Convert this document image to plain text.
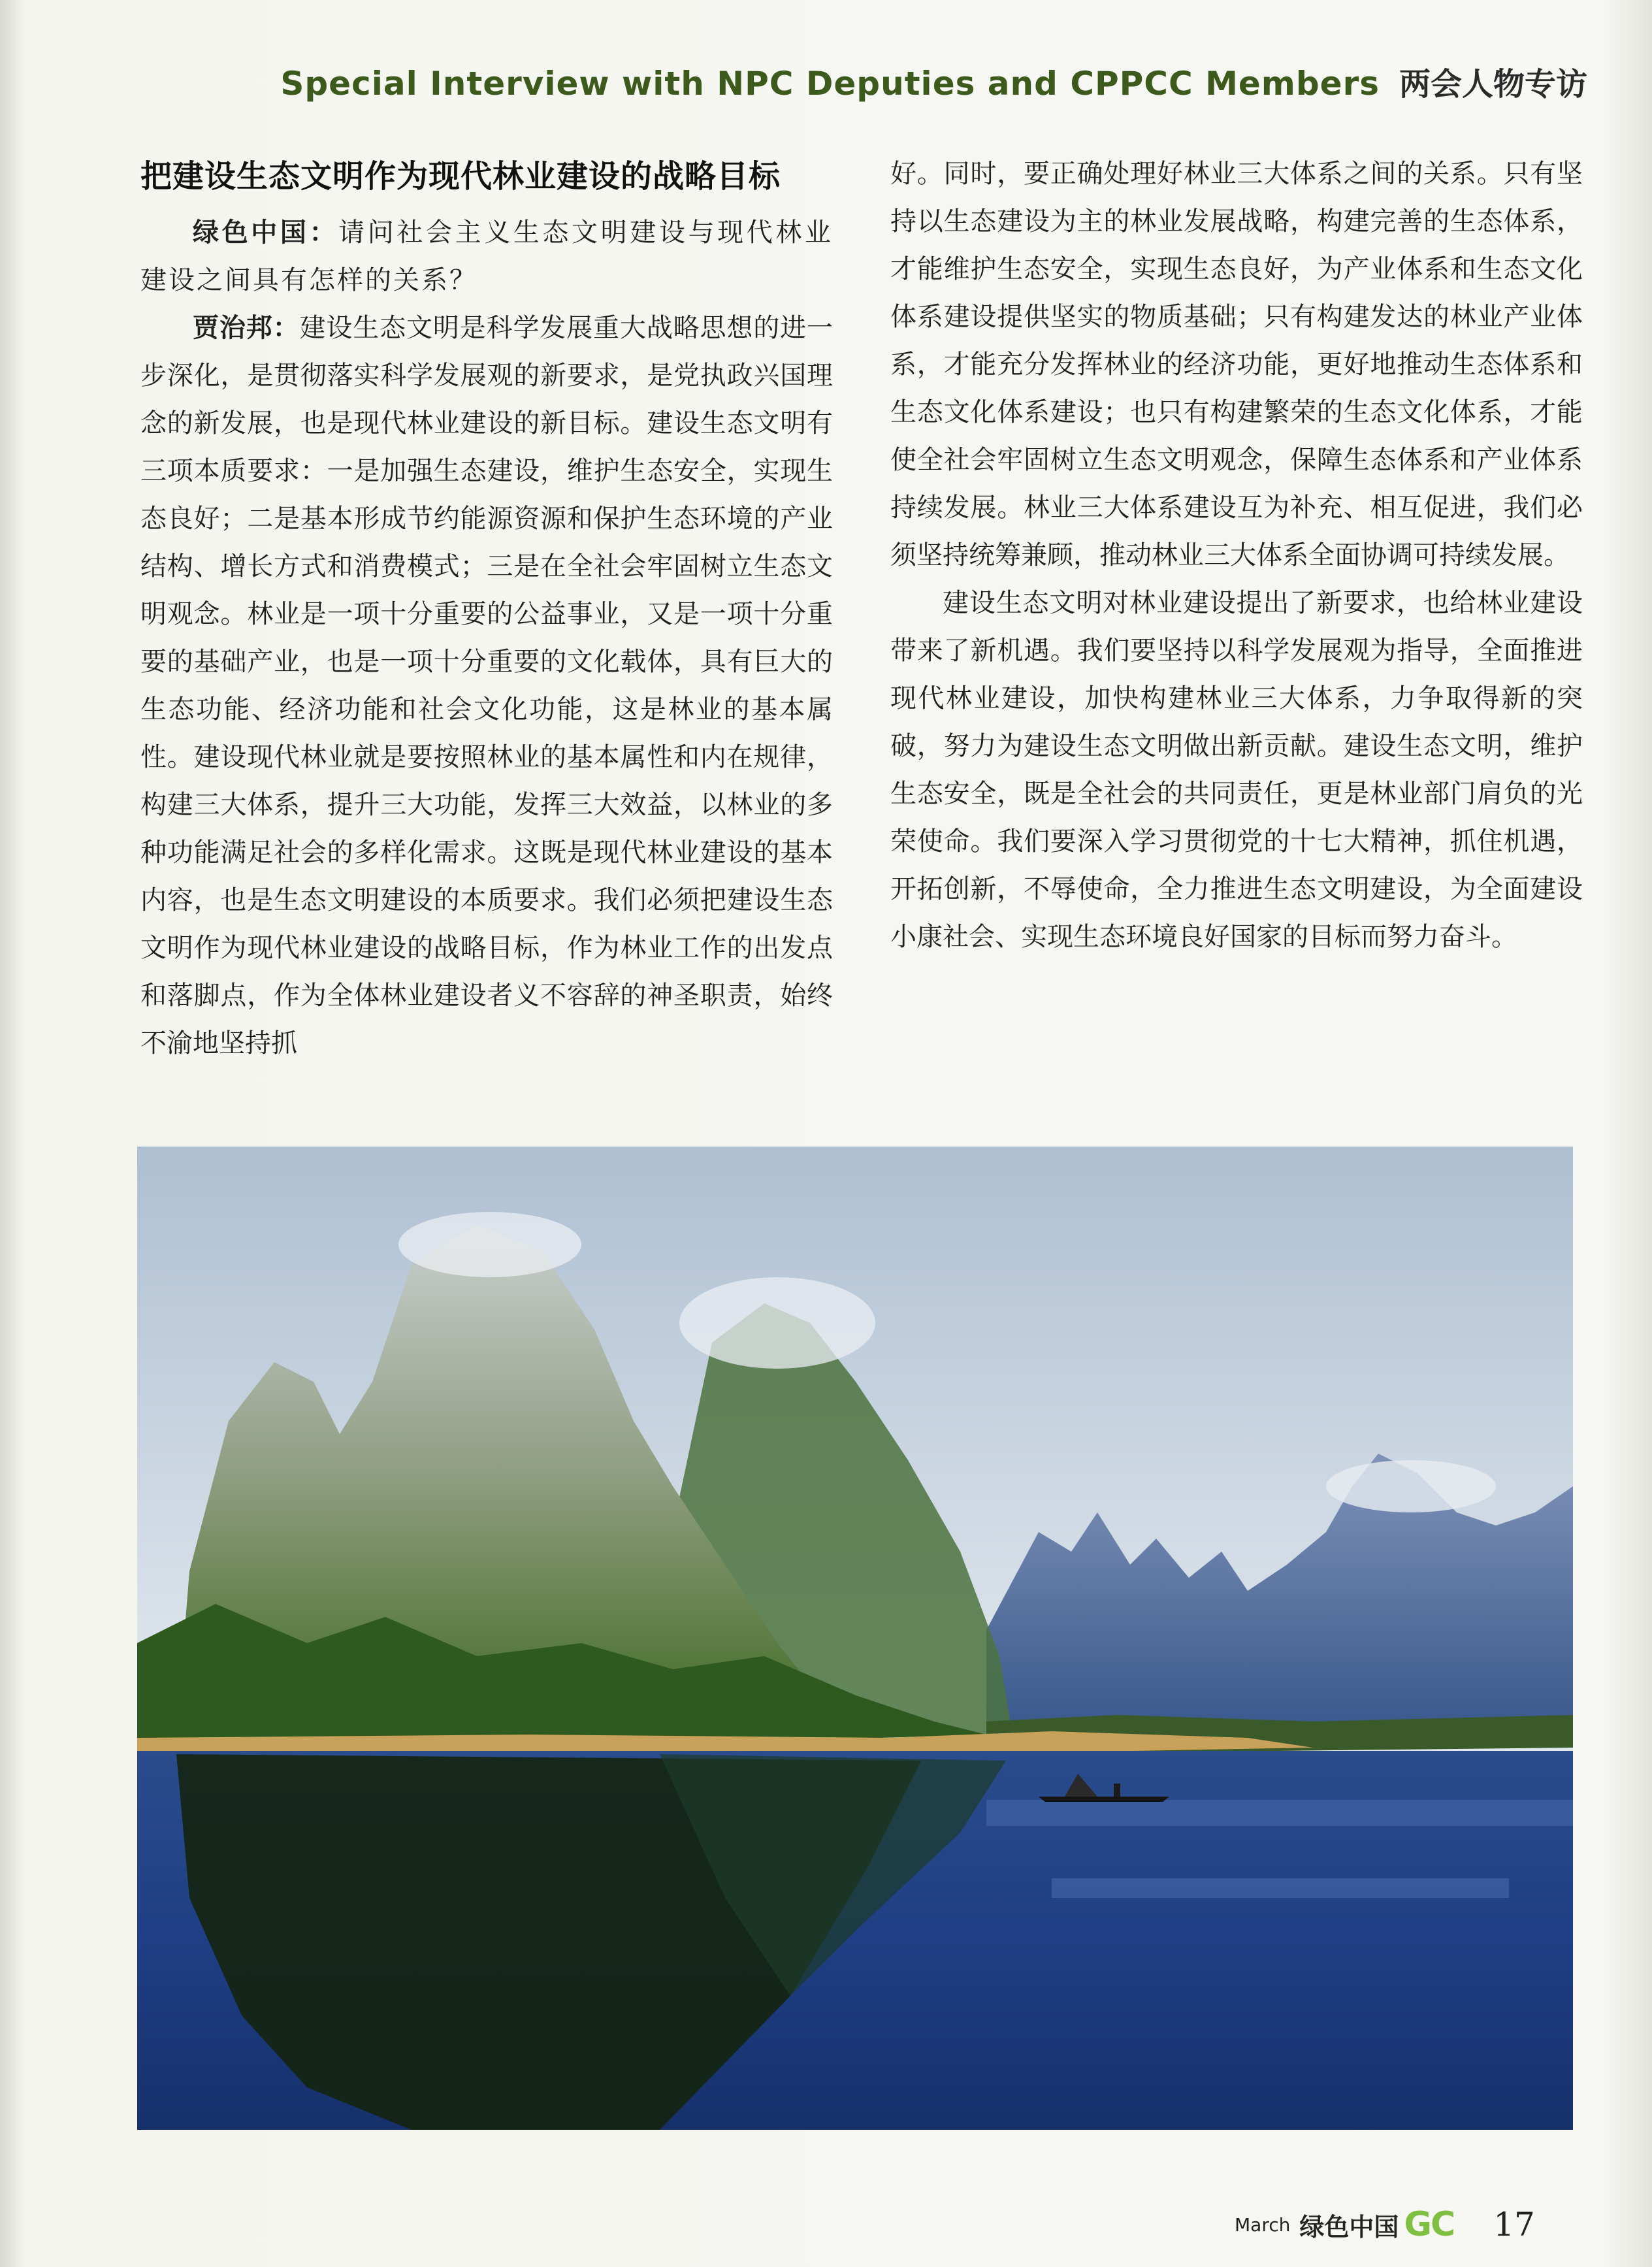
Special Interview with NPC Deputies and CPPCC Members 两会人物专访
把建设生态文明作为现代林业建设的战略目标

绿色中国：请问社会主义生态文明建设与现代林业建设之间具有怎样的关系？

贾治邦：建设生态文明是科学发展重大战略思想的进一步深化，是贯彻落实科学发展观的新要求，是党执政兴国理念的新发展，也是现代林业建设的新目标。建设生态文明有三项本质要求：一是加强生态建设，维护生态安全，实现生态良好；二是基本形成节约能源资源和保护生态环境的产业结构、增长方式和消费模式；三是在全社会牢固树立生态文明观念。林业是一项十分重要的公益事业，又是一项十分重要的基础产业，也是一项十分重要的文化载体，具有巨大的生态功能、经济功能和社会文化功能，这是林业的基本属性。建设现代林业就是要按照林业的基本属性和内在规律，构建三大体系，提升三大功能，发挥三大效益，以林业的多种功能满足社会的多样化需求。这既是现代林业建设的基本内容，也是生态文明建设的本质要求。我们必须把建设生态文明作为现代林业建设的战略目标，作为林业工作的出发点和落脚点，作为全体林业建设者义不容辞的神圣职责，始终不渝地坚持抓

好。同时，要正确处理好林业三大体系之间的关系。只有坚持以生态建设为主的林业发展战略，构建完善的生态体系，才能维护生态安全，实现生态良好，为产业体系和生态文化体系建设提供坚实的物质基础；只有构建发达的林业产业体系，才能充分发挥林业的经济功能，更好地推动生态体系和生态文化体系建设；也只有构建繁荣的生态文化体系，才能使全社会牢固树立生态文明观念，保障生态体系和产业体系持续发展。林业三大体系建设互为补充、相互促进，我们必须坚持统筹兼顾，推动林业三大体系全面协调可持续发展。

建设生态文明对林业建设提出了新要求，也给林业建设带来了新机遇。我们要坚持以科学发展观为指导，全面推进现代林业建设，加快构建林业三大体系，力争取得新的突破，努力为建设生态文明做出新贡献。建设生态文明，维护生态安全，既是全社会的共同责任，更是林业部门肩负的光荣使命。我们要深入学习贯彻党的十七大精神，抓住机遇，开拓创新，不辱使命，全力推进生态文明建设，为全面建设小康社会、实现生态环境良好国家的目标而努力奋斗。

March 绿色中国 GC 17
